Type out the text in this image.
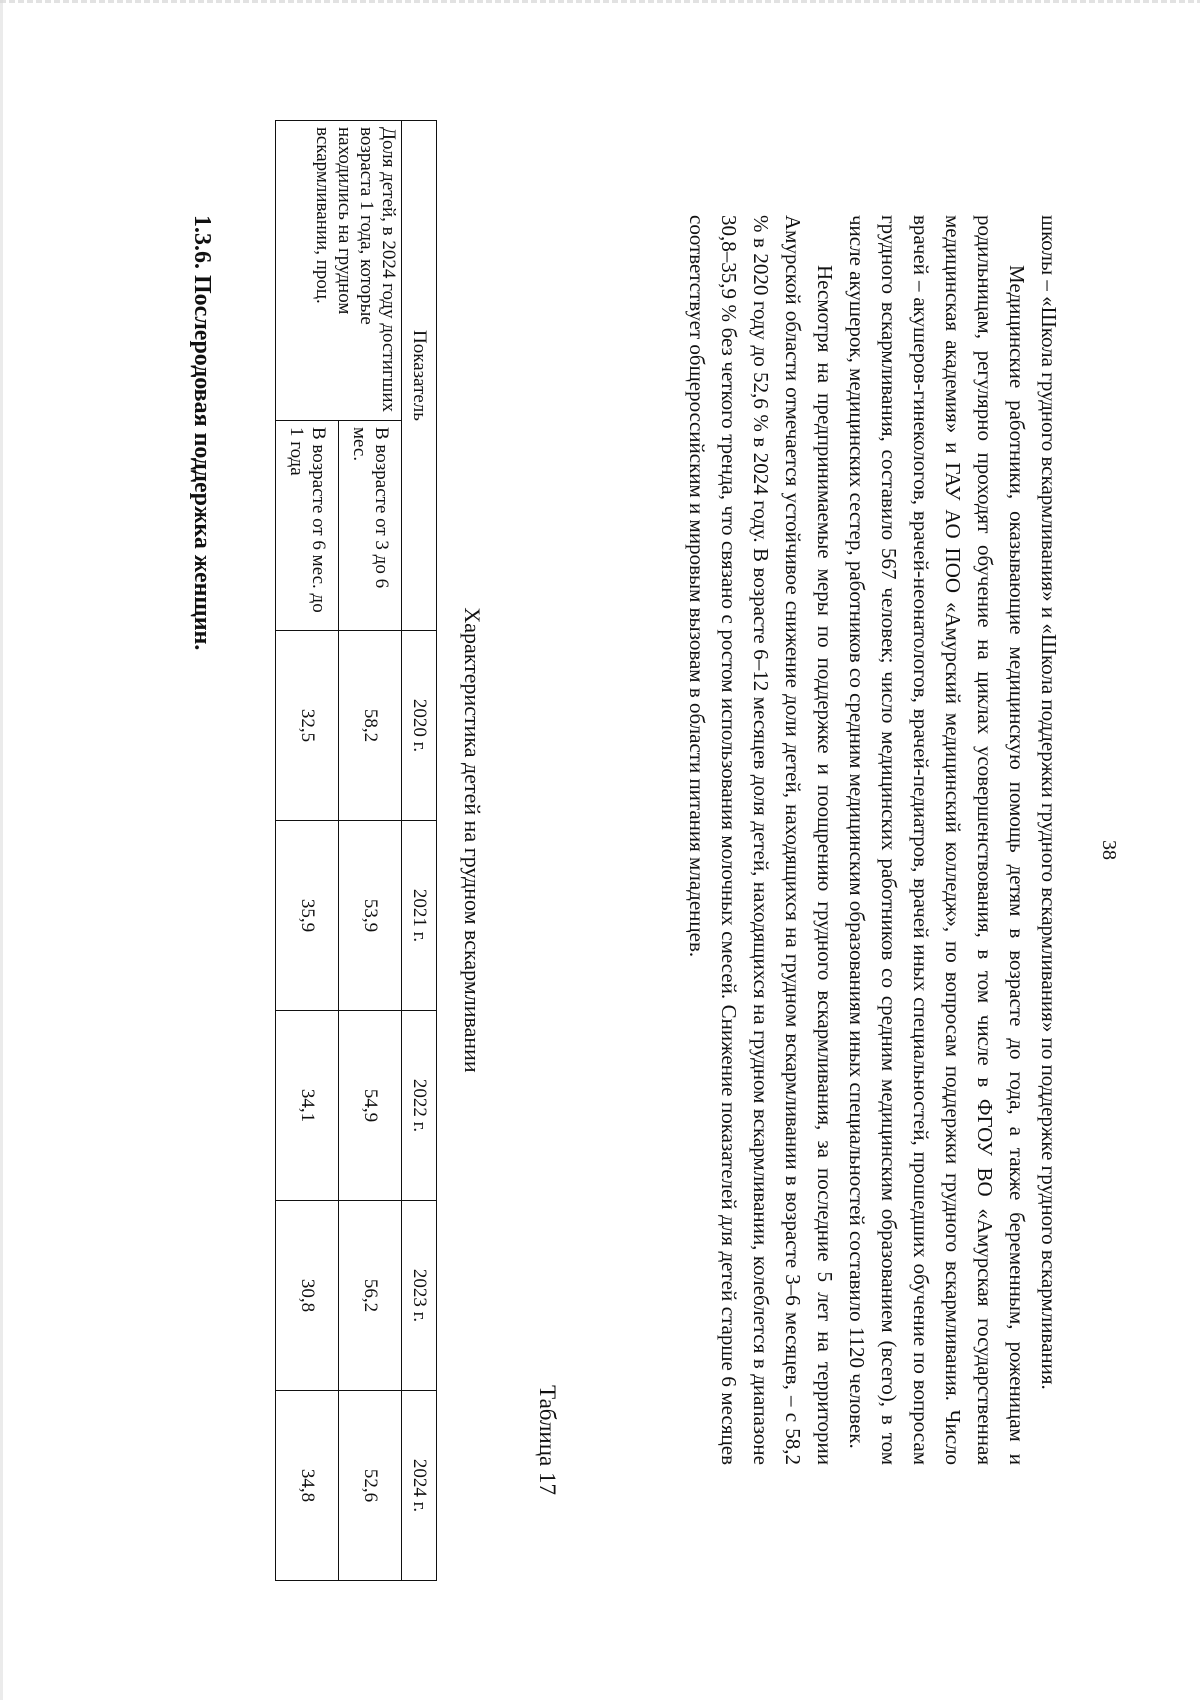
38

школы – «Школа грудного вскармливания» и «Школа поддержки грудного вскармливания» по поддержке грудного вскармливания.

Медицинские работники, оказывающие медицинскую помощь детям в возрасте до года, а также беременным, роженицам и родильницам, регулярно проходят обучение на циклах усовершенствования, в том числе в ФГОУ ВО «Амурская государственная медицинская академия» и ГАУ АО ПОО «Амурский медицинский колледж», по вопросам поддержки грудного вскармливания. Число врачей – акушеров-гинекологов, врачей-неонатологов, врачей-педиатров, врачей иных специальностей, прошедших обучение по вопросам грудного вскармливания, составило 567 человек; число медицинских работников со средним медицинским образованием (всего), в том числе акушерок, медицинских сестер, работников со средним медицинским образованиям иных специальностей составило 1120 человек.

Несмотря на предпринимаемые меры по поддержке и поощрению грудного вскармливания, за последние 5 лет на территории Амурской области отмечается устойчивое снижение доли детей, находящихся на грудном вскармливании в возрасте 3–6 месяцев, – с 58,2 % в 2020 году до 52,6 % в 2024 году. В возрасте 6–12 месяцев доля детей, находящихся на грудном вскармливании, колеблется в диапазоне 30,8–35,9 % без четкого тренда, что связано с ростом использования молочных смесей. Снижение показателей для детей старше 6 месяцев соответствует общероссийским и мировым вызовам в области питания младенцев.

Таблица 17
Характеристика детей на грудном вскармливании
Показатель		2020 г.	2021 г.	2022 г.	2023 г.	2024 г.
Доля детей, в 2024 году достигших возраста 1 года, которые находились на грудном вскармливании, проц.	В возрасте от 3 до 6 мес.	58,2	53,9	54,9	56,2	52,6
	В возрасте от 6 мес. до 1 года	32,5	35,9	34,1	30,8	34,8
1.3.6. Послеродовая поддержка женщин.
